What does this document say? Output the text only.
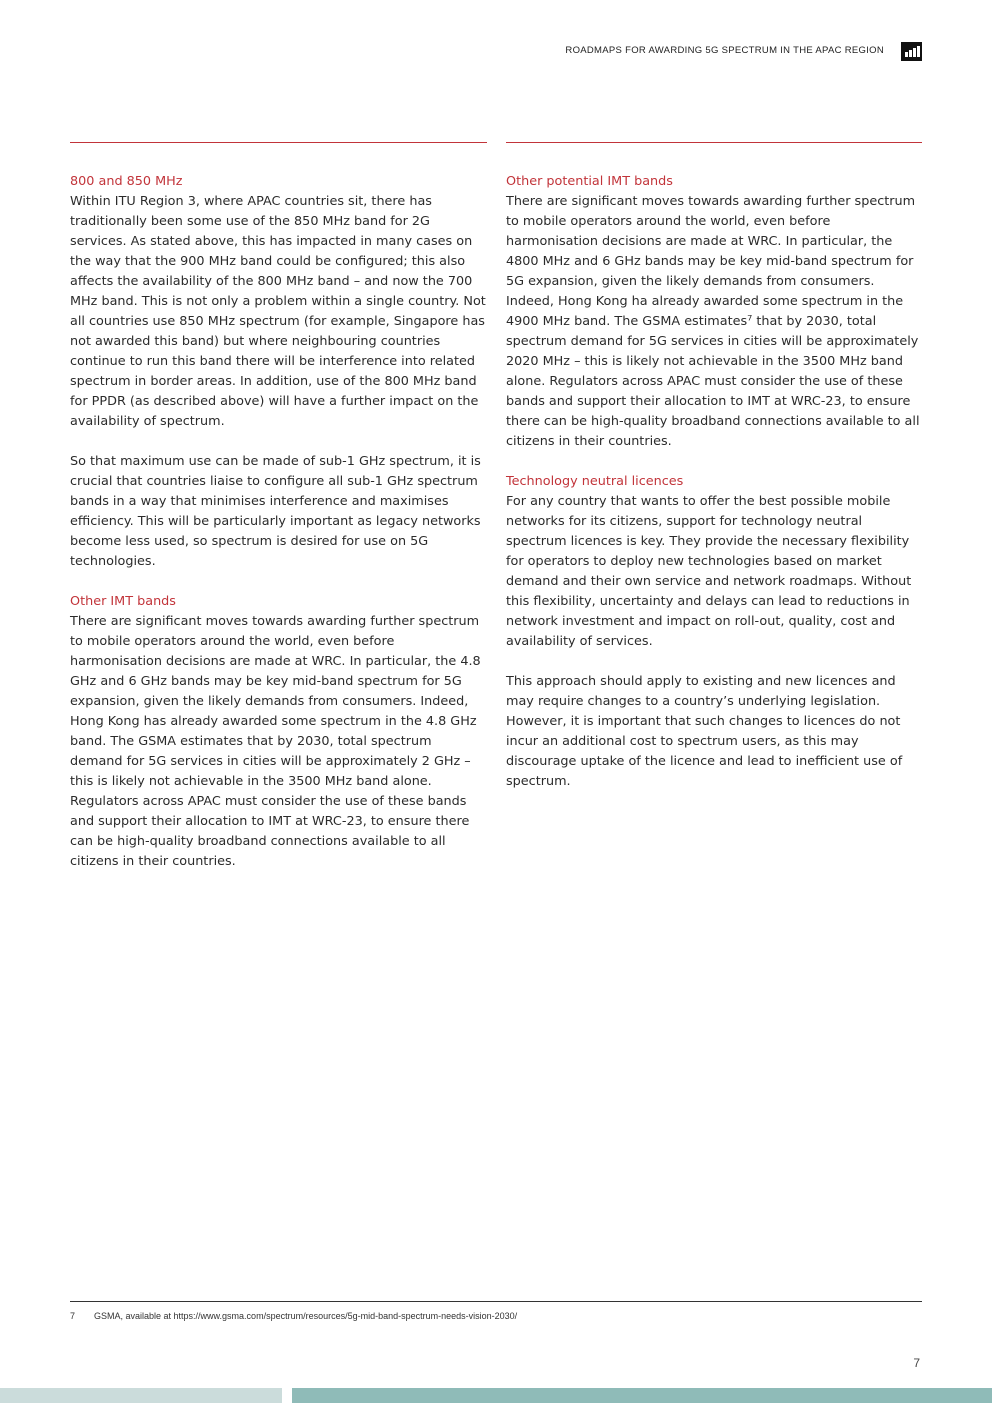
ROADMAPS FOR AWARDING 5G SPECTRUM IN THE APAC REGION
800 and 850 MHz

Within ITU Region 3, where APAC countries sit, there has traditionally been some use of the 850 MHz band for 2G services. As stated above, this has impacted in many cases on the way that the 900 MHz band could be configured; this also affects the availability of the 800 MHz band – and now the 700 MHz band. This is not only a problem within a single country. Not all countries use 850 MHz spectrum (for example, Singapore has not awarded this band) but where neighbouring countries continue to run this band there will be interference into related spectrum in border areas. In addition, use of the 800 MHz band for PPDR (as described above) will have a further impact on the availability of spectrum.

So that maximum use can be made of sub-1 GHz spectrum, it is crucial that countries liaise to configure all sub-1 GHz spectrum bands in a way that minimises interference and maximises efficiency. This will be particularly important as legacy networks become less used, so spectrum is desired for use on 5G technologies.

Other IMT bands

There are significant moves towards awarding further spectrum to mobile operators around the world, even before harmonisation decisions are made at WRC. In particular, the 4.8 GHz and 6 GHz bands may be key mid-band spectrum for 5G expansion, given the likely demands from consumers. Indeed, Hong Kong has already awarded some spectrum in the 4.8 GHz band. The GSMA estimates that by 2030, total spectrum demand for 5G services in cities will be approximately 2 GHz – this is likely not achievable in the 3500 MHz band alone. Regulators across APAC must consider the use of these bands and support their allocation to IMT at WRC-23, to ensure there can be high-quality broadband connections available to all citizens in their countries.

Other potential IMT bands

There are significant moves towards awarding further spectrum to mobile operators around the world, even before harmonisation decisions are made at WRC. In particular, the 4800 MHz and 6 GHz bands may be key mid-band spectrum for 5G expansion, given the likely demands from consumers. Indeed, Hong Kong ha already awarded some spectrum in the 4900 MHz band. The GSMA estimates⁷ that by 2030, total spectrum demand for 5G services in cities will be approximately 2020 MHz – this is likely not achievable in the 3500 MHz band alone. Regulators across APAC must consider the use of these bands and support their allocation to IMT at WRC-23, to ensure there can be high-quality broadband connections available to all citizens in their countries.

Technology neutral licences

For any country that wants to offer the best possible mobile networks for its citizens, support for technology neutral spectrum licences is key. They provide the necessary flexibility for operators to deploy new technologies based on market demand and their own service and network roadmaps. Without this flexibility, uncertainty and delays can lead to reductions in network investment and impact on roll-out, quality, cost and availability of services.

This approach should apply to existing and new licences and may require changes to a country’s underlying legislation. However, it is important that such changes to licences do not incur an additional cost to spectrum users, as this may discourage uptake of the licence and lead to inefficient use of spectrum.

7 GSMA, available at https://www.gsma.com/spectrum/resources/5g-mid-band-spectrum-needs-vision-2030/
7
